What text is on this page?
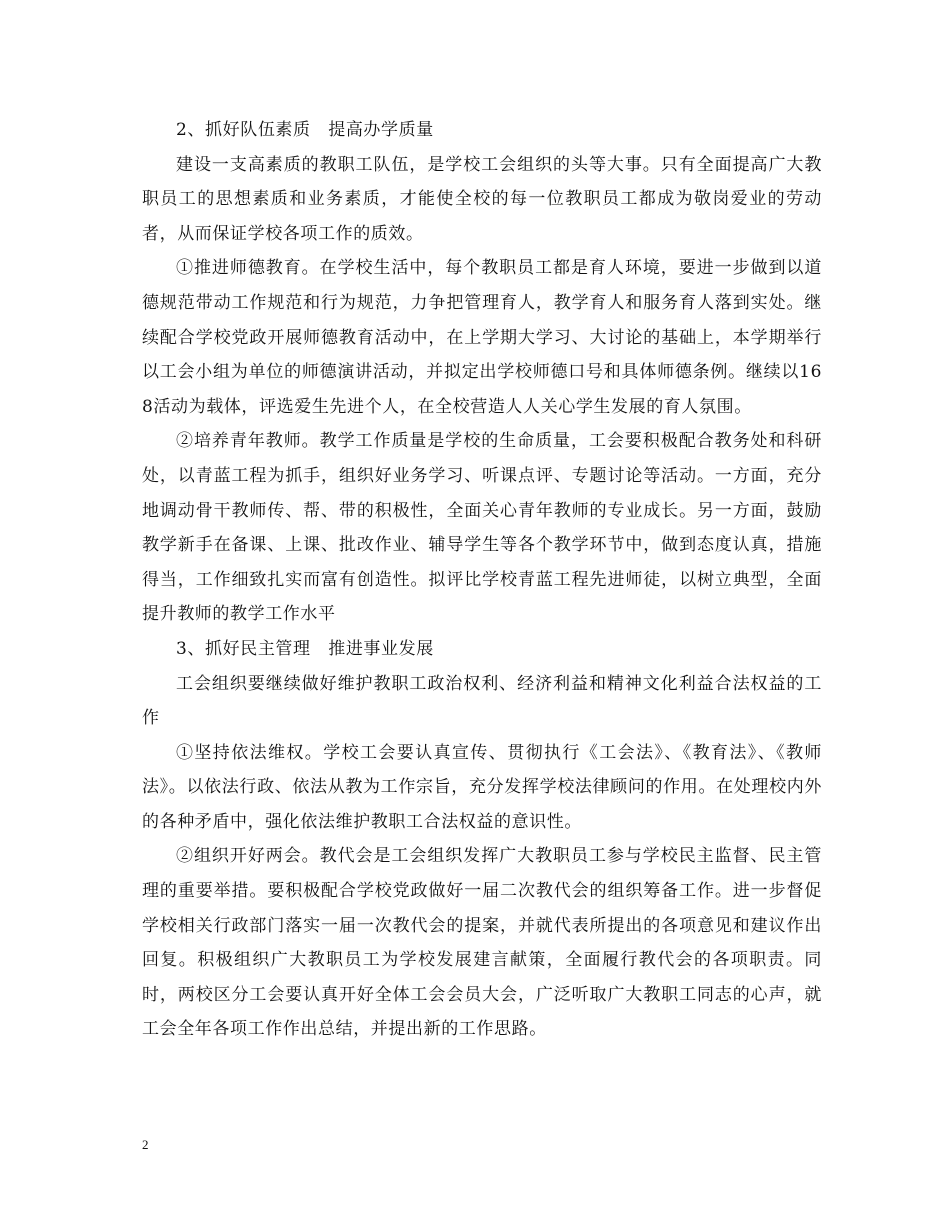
2、抓好队伍素质　提高办学质量

建设一支高素质的教职工队伍，是学校工会组织的头等大事。只有全面提高广大教职员工的思想素质和业务素质，才能使全校的每一位教职员工都成为敬岗爱业的劳动者，从而保证学校各项工作的质效。

①推进师德教育。在学校生活中，每个教职员工都是育人环境，要进一步做到以道德规范带动工作规范和行为规范，力争把管理育人，教学育人和服务育人落到实处。继续配合学校党政开展师德教育活动中，在上学期大学习、大讨论的基础上，本学期举行以工会小组为单位的师德演讲活动，并拟定出学校师德口号和具体师德条例。继续以168活动为载体，评选爱生先进个人，在全校营造人人关心学生发展的育人氛围。

②培养青年教师。教学工作质量是学校的生命质量，工会要积极配合教务处和科研处，以青蓝工程为抓手，组织好业务学习、听课点评、专题讨论等活动。一方面，充分地调动骨干教师传、帮、带的积极性，全面关心青年教师的专业成长。另一方面，鼓励教学新手在备课、上课、批改作业、辅导学生等各个教学环节中，做到态度认真，措施得当，工作细致扎实而富有创造性。拟评比学校青蓝工程先进师徒，以树立典型，全面提升教师的教学工作水平

3、抓好民主管理　推进事业发展

工会组织要继续做好维护教职工政治权利、经济利益和精神文化利益合法权益的工作

①坚持依法维权。学校工会要认真宣传、贯彻执行《工会法》、《教育法》、《教师法》。以依法行政、依法从教为工作宗旨，充分发挥学校法律顾问的作用。在处理校内外的各种矛盾中，强化依法维护教职工合法权益的意识性。

②组织开好两会。教代会是工会组织发挥广大教职员工参与学校民主监督、民主管理的重要举措。要积极配合学校党政做好一届二次教代会的组织筹备工作。进一步督促学校相关行政部门落实一届一次教代会的提案，并就代表所提出的各项意见和建议作出回复。积极组织广大教职员工为学校发展建言献策，全面履行教代会的各项职责。同时，两校区分工会要认真开好全体工会会员大会，广泛听取广大教职工同志的心声，就工会全年各项工作作出总结，并提出新的工作思路。

2
